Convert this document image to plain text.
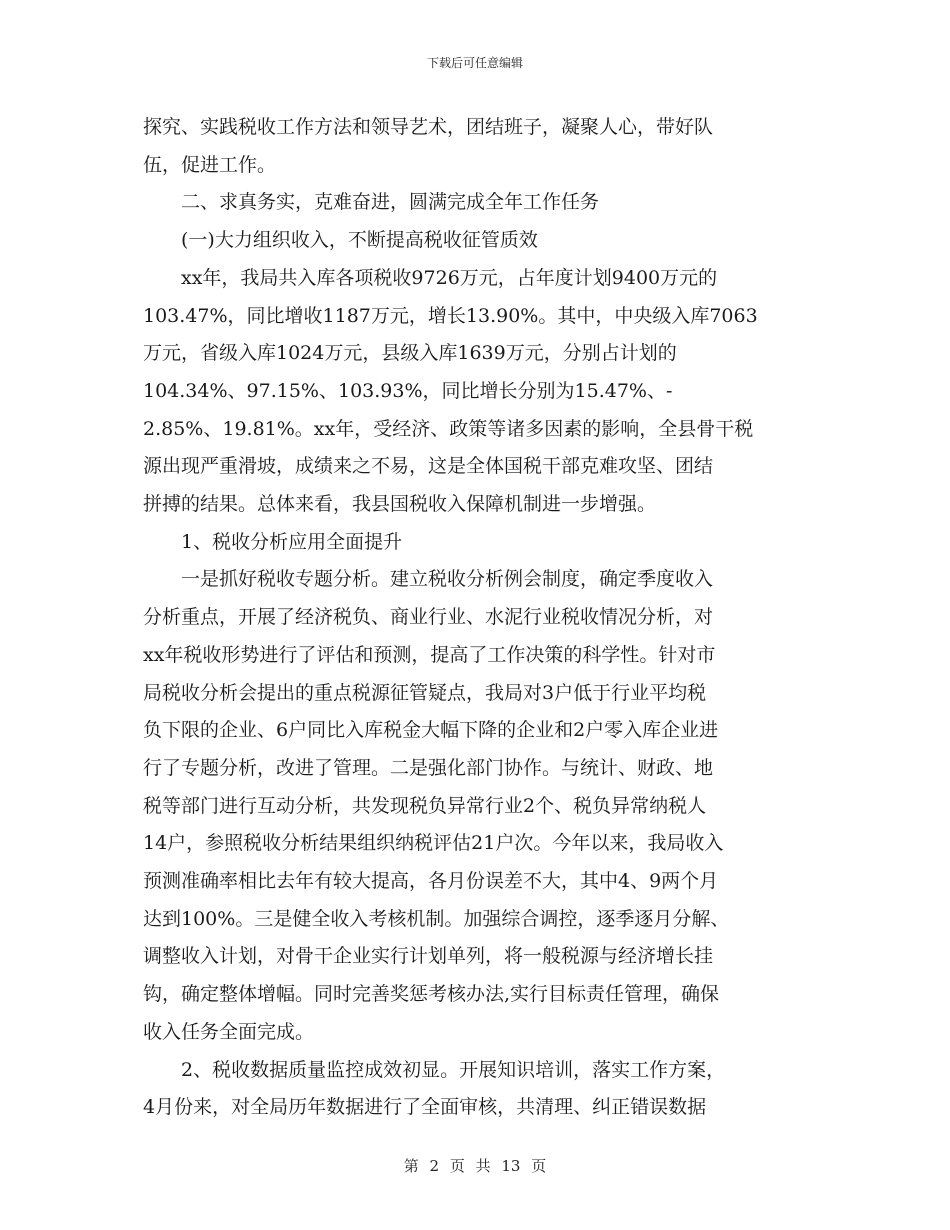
下载后可任意编辑

探究、实践税收工作方法和领导艺术，团结班子，凝聚人心，带好队

伍，促进工作。

　　二、求真务实，克难奋进，圆满完成全年工作任务

　　(一)大力组织收入，不断提高税收征管质效

　　xx年，我局共入库各项税收9726万元，占年度计划9400万元的

103.47%，同比增收1187万元，增长13.90%。其中，中央级入库7063

万元，省级入库1024万元，县级入库1639万元，分别占计划的

104.34%、97.15%、103.93%，同比增长分别为15.47%、-

2.85%、19.81%。xx年，受经济、政策等诸多因素的影响，全县骨干税

源出现严重滑坡，成绩来之不易，这是全体国税干部克难攻坚、团结

拼搏的结果。总体来看，我县国税收入保障机制进一步增强。

　　1、税收分析应用全面提升

　　一是抓好税收专题分析。建立税收分析例会制度，确定季度收入

分析重点，开展了经济税负、商业行业、水泥行业税收情况分析，对

xx年税收形势进行了评估和预测，提高了工作决策的科学性。针对市

局税收分析会提出的重点税源征管疑点，我局对3户低于行业平均税

负下限的企业、6户同比入库税金大幅下降的企业和2户零入库企业进

行了专题分析，改进了管理。二是强化部门协作。与统计、财政、地

税等部门进行互动分析，共发现税负异常行业2个、税负异常纳税人

14户，参照税收分析结果组织纳税评估21户次。今年以来，我局收入

预测准确率相比去年有较大提高，各月份误差不大，其中4、9两个月

达到100%。三是健全收入考核机制。加强综合调控，逐季逐月分解、

调整收入计划，对骨干企业实行计划单列，将一般税源与经济增长挂

钩，确定整体增幅。同时完善奖惩考核办法,实行目标责任管理，确保

收入任务全面完成。

　　2、税收数据质量监控成效初显。开展知识培训，落实工作方案，

4月份来，对全局历年数据进行了全面审核，共清理、纠正错误数据

第 2 页 共 13 页
